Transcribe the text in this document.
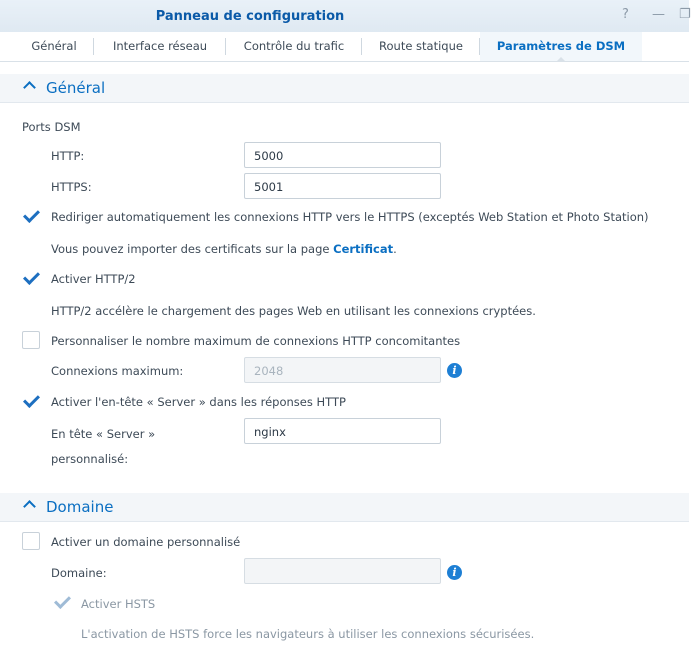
Panneau de configuration	? — ❐
Général	Interface réseau	Contrôle du trafic	Route statique	Paramètres de DSM
Général
Ports DSM
HTTP:	5000
HTTPS:	5001
Rediriger automatiquement les connexions HTTP vers le HTTPS (exceptés Web Station et Photo Station)
Vous pouvez importer des certificats sur la page Certificat.
Activer HTTP/2
HTTP/2 accélère le chargement des pages Web en utilisant les connexions cryptées.
Personnaliser le nombre maximum de connexions HTTP concomitantes
Connexions maximum:	2048	i
Activer l'en-tête « Server » dans les réponses HTTP
En tête « Server »
personnalisé:
nginx
Domaine
Activer un domaine personnalisé
Domaine:	i
Activer HSTS
L'activation de HSTS force les navigateurs à utiliser les connexions sécurisées.
